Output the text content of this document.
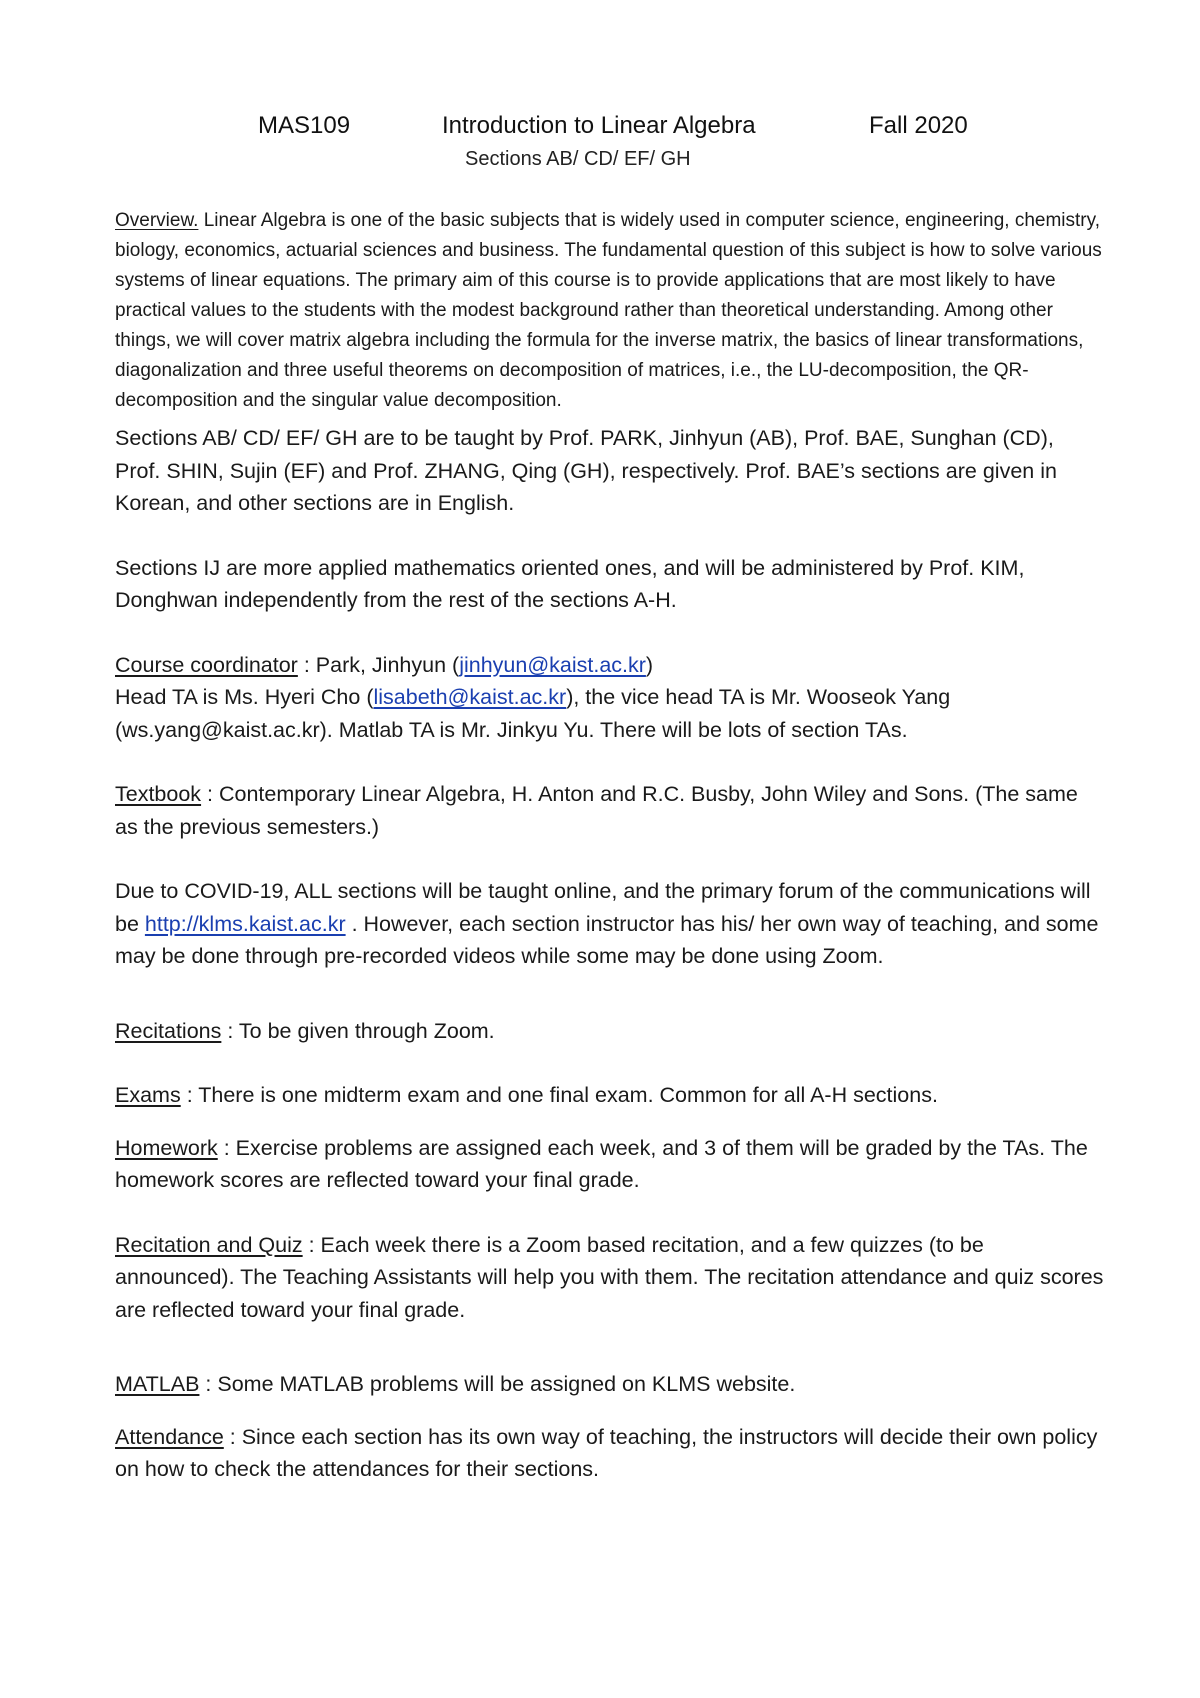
MAS109	Introduction to Linear Algebra	Fall 2020
Sections AB/ CD/ EF/ GH

Overview. Linear Algebra is one of the basic subjects that is widely used in computer science, engineering, chemistry, biology, economics, actuarial sciences and business. The fundamental question of this subject is how to solve various systems of linear equations. The primary aim of this course is to provide applications that are most likely to have practical values to the students with the modest background rather than theoretical understanding. Among other things, we will cover matrix algebra including the formula for the inverse matrix, the basics of linear transformations, diagonalization and three useful theorems on decomposition of matrices, i.e., the LU-decomposition, the QR-decomposition and the singular value decomposition.

Sections AB/ CD/ EF/ GH are to be taught by Prof. PARK, Jinhyun (AB), Prof. BAE, Sunghan (CD), Prof. SHIN, Sujin (EF) and Prof. ZHANG, Qing (GH), respectively. Prof. BAE’s sections are given in Korean, and other sections are in English.

Sections IJ are more applied mathematics oriented ones, and will be administered by Prof. KIM, Donghwan independently from the rest of the sections A-H.

Course coordinator : Park, Jinhyun (jinhyun@kaist.ac.kr)

Head TA is Ms. Hyeri Cho (lisabeth@kaist.ac.kr), the vice head TA is Mr. Wooseok Yang (ws.yang@kaist.ac.kr). Matlab TA is Mr. Jinkyu Yu. There will be lots of section TAs.

Textbook : Contemporary Linear Algebra, H. Anton and R.C. Busby, John Wiley and Sons. (The same as the previous semesters.)

Due to COVID-19, ALL sections will be taught online, and the primary forum of the communications will be http://klms.kaist.ac.kr . However, each section instructor has his/ her own way of teaching, and some may be done through pre-recorded videos while some may be done using Zoom.

Recitations : To be given through Zoom.

Exams : There is one midterm exam and one final exam. Common for all A-H sections.

Homework : Exercise problems are assigned each week, and 3 of them will be graded by the TAs. The homework scores are reflected toward your final grade.

Recitation and Quiz : Each week there is a Zoom based recitation, and a few quizzes (to be announced). The Teaching Assistants will help you with them. The recitation attendance and quiz scores are reflected toward your final grade.

MATLAB : Some MATLAB problems will be assigned on KLMS website.

Attendance : Since each section has its own way of teaching, the instructors will decide their own policy on how to check the attendances for their sections.
